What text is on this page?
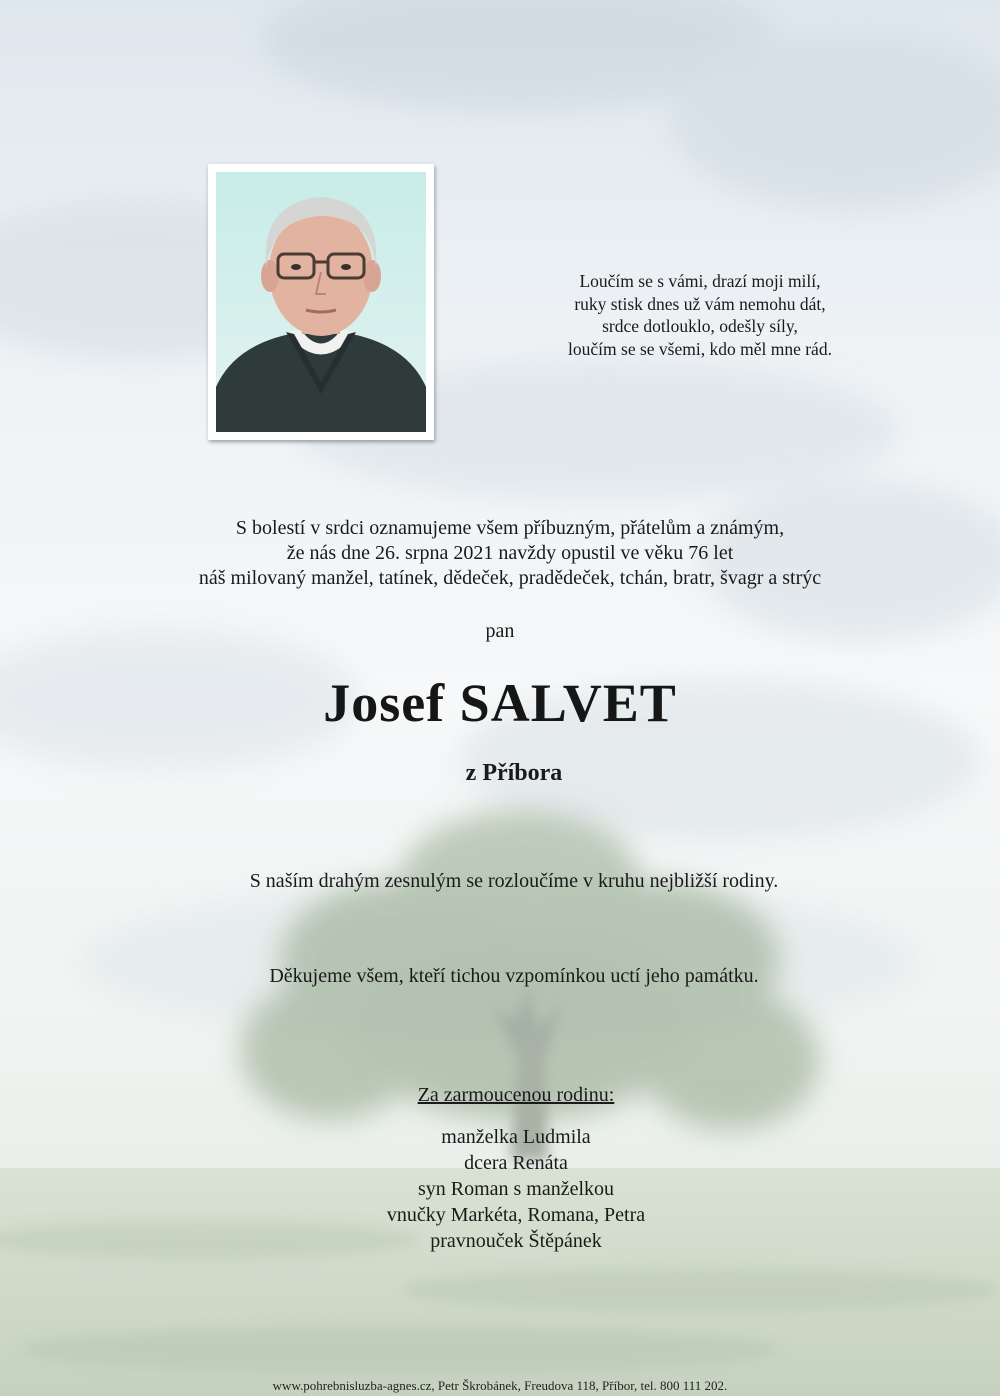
Loučím se s vámi, drazí moji milí,
ruky stisk dnes už vám nemohu dát,
srdce dotlouklo, odešly síly,
loučím se se všemi, kdo měl mne rád.
S bolestí v srdci oznamujeme všem příbuzným, přátelům a známým,
že nás dne 26. srpna 2021 navždy opustil ve věku 76 let
náš milovaný manžel, tatínek, dědeček, pradědeček, tchán, bratr, švagr a strýc
pan
Josef SALVET
z Příbora
S naším drahým zesnulým se rozloučíme v kruhu nejbližší rodiny.
Děkujeme všem, kteří tichou vzpomínkou uctí jeho památku.
Za zarmoucenou rodinu:
manželka Ludmila
dcera Renáta
syn Roman s manželkou
vnučky Markéta, Romana, Petra
pravnouček Štěpánek
www.pohrebnisluzba-agnes.cz, Petr Škrobánek, Freudova 118, Příbor, tel. 800 111 202.
